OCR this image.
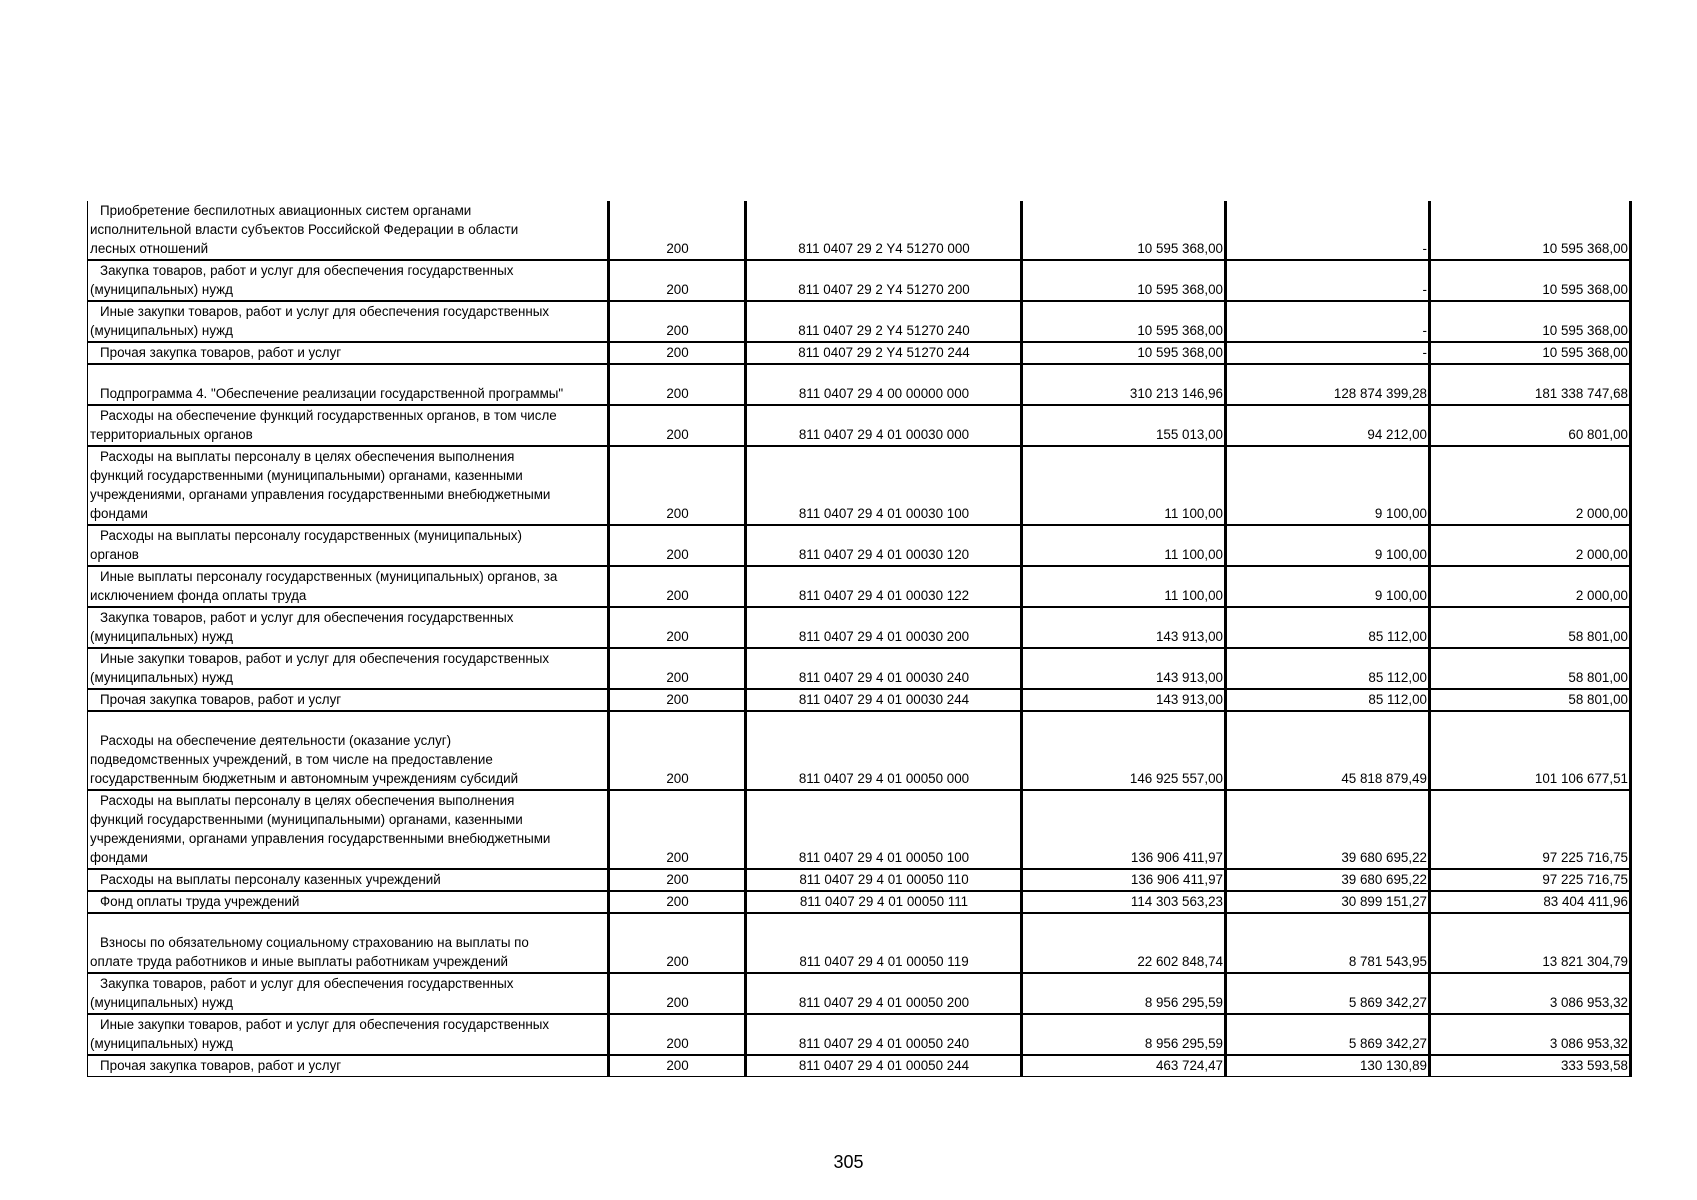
Приобретение беспилотных авиационных систем органами
исполнительной власти субъектов Российской Федерации в области
лесных отношений	200	811 0407 29 2 Y4 51270 000	10 595 368,00	-	10 595 368,00

Закупка товаров, работ и услуг для обеспечения государственных
(муниципальных) нужд	200	811 0407 29 2 Y4 51270 200	10 595 368,00	-	10 595 368,00

Иные закупки товаров, работ и услуг для обеспечения государственных
(муниципальных) нужд	200	811 0407 29 2 Y4 51270 240	10 595 368,00	-	10 595 368,00

Прочая закупка товаров, работ и услуг	200	811 0407 29 2 Y4 51270 244	10 595 368,00	-	10 595 368,00

Подпрограмма 4. "Обеспечение реализации государственной программы"	200	811 0407 29 4 00 00000 000	310 213 146,96	128 874 399,28	181 338 747,68

Расходы на обеспечение функций государственных органов, в том числе
территориальных органов	200	811 0407 29 4 01 00030 000	155 013,00	94 212,00	60 801,00

Расходы на выплаты персоналу в целях обеспечения выполнения
функций государственными (муниципальными) органами, казенными
учреждениями, органами управления государственными внебюджетными
фондами	200	811 0407 29 4 01 00030 100	11 100,00	9 100,00	2 000,00

Расходы на выплаты персоналу государственных (муниципальных)
органов	200	811 0407 29 4 01 00030 120	11 100,00	9 100,00	2 000,00

Иные выплаты персоналу государственных (муниципальных) органов, за
исключением фонда оплаты труда	200	811 0407 29 4 01 00030 122	11 100,00	9 100,00	2 000,00

Закупка товаров, работ и услуг для обеспечения государственных
(муниципальных) нужд	200	811 0407 29 4 01 00030 200	143 913,00	85 112,00	58 801,00

Иные закупки товаров, работ и услуг для обеспечения государственных
(муниципальных) нужд	200	811 0407 29 4 01 00030 240	143 913,00	85 112,00	58 801,00

Прочая закупка товаров, работ и услуг	200	811 0407 29 4 01 00030 244	143 913,00	85 112,00	58 801,00

Расходы на обеспечение деятельности (оказание услуг)
подведомственных учреждений, в том числе на предоставление
государственным бюджетным и автономным учреждениям субсидий	200	811 0407 29 4 01 00050 000	146 925 557,00	45 818 879,49	101 106 677,51

Расходы на выплаты персоналу в целях обеспечения выполнения
функций государственными (муниципальными) органами, казенными
учреждениями, органами управления государственными внебюджетными
фондами	200	811 0407 29 4 01 00050 100	136 906 411,97	39 680 695,22	97 225 716,75

Расходы на выплаты персоналу казенных учреждений	200	811 0407 29 4 01 00050 110	136 906 411,97	39 680 695,22	97 225 716,75

Фонд оплаты труда учреждений	200	811 0407 29 4 01 00050 111	114 303 563,23	30 899 151,27	83 404 411,96

Взносы по обязательному социальному страхованию на выплаты по
оплате труда работников и иные выплаты работникам учреждений	200	811 0407 29 4 01 00050 119	22 602 848,74	8 781 543,95	13 821 304,79

Закупка товаров, работ и услуг для обеспечения государственных
(муниципальных) нужд	200	811 0407 29 4 01 00050 200	8 956 295,59	5 869 342,27	3 086 953,32

Иные закупки товаров, работ и услуг для обеспечения государственных
(муниципальных) нужд	200	811 0407 29 4 01 00050 240	8 956 295,59	5 869 342,27	3 086 953,32

Прочая закупка товаров, работ и услуг	200	811 0407 29 4 01 00050 244	463 724,47	130 130,89	333 593,58
305
